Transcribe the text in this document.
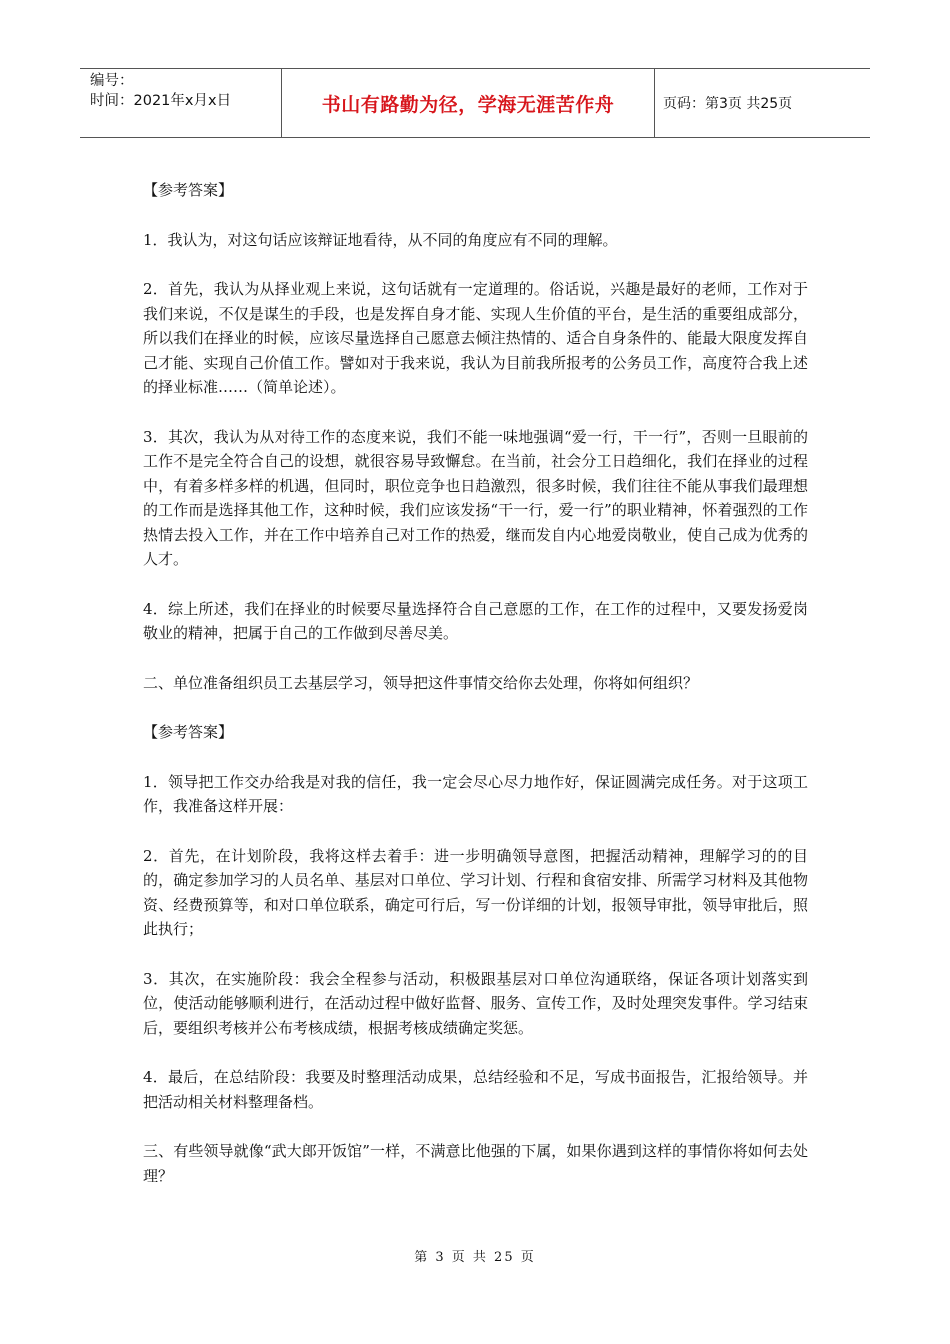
编号：
时间：2021年x月x日	书山有路勤为径，学海无涯苦作舟	页码：第3页 共25页

【参考答案】

1．我认为，对这句话应该辩证地看待，从不同的角度应有不同的理解。

2．首先，我认为从择业观上来说，这句话就有一定道理的。俗话说，兴趣是最好的老师，工作对于我们来说，不仅是谋生的手段，也是发挥自身才能、实现人生价值的平台，是生活的重要组成部分，所以我们在择业的时候，应该尽量选择自己愿意去倾注热情的、适合自身条件的、能最大限度发挥自己才能、实现自己价值工作。譬如对于我来说，我认为目前我所报考的公务员工作，高度符合我上述的择业标准……（简单论述）。

3．其次，我认为从对待工作的态度来说，我们不能一味地强调“爱一行，干一行”，否则一旦眼前的工作不是完全符合自己的设想，就很容易导致懈怠。在当前，社会分工日趋细化，我们在择业的过程中，有着多样多样的机遇，但同时，职位竞争也日趋激烈，很多时候，我们往往不能从事我们最理想的工作而是选择其他工作，这种时候，我们应该发扬“干一行，爱一行”的职业精神，怀着强烈的工作热情去投入工作，并在工作中培养自己对工作的热爱，继而发自内心地爱岗敬业，使自己成为优秀的人才。

4．综上所述，我们在择业的时候要尽量选择符合自己意愿的工作，在工作的过程中，又要发扬爱岗敬业的精神，把属于自己的工作做到尽善尽美。

二、单位准备组织员工去基层学习，领导把这件事情交给你去处理，你将如何组织？

【参考答案】

1．领导把工作交办给我是对我的信任，我一定会尽心尽力地作好，保证圆满完成任务。对于这项工作，我准备这样开展：

2．首先，在计划阶段，我将这样去着手：进一步明确领导意图，把握活动精神，理解学习的的目的，确定参加学习的人员名单、基层对口单位、学习计划、行程和食宿安排、所需学习材料及其他物资、经费预算等，和对口单位联系，确定可行后，写一份详细的计划，报领导审批，领导审批后，照此执行；

3．其次，在实施阶段：我会全程参与活动，积极跟基层对口单位沟通联络，保证各项计划落实到位，使活动能够顺利进行，在活动过程中做好监督、服务、宣传工作，及时处理突发事件。学习结束后，要组织考核并公布考核成绩，根据考核成绩确定奖惩。

4．最后，在总结阶段：我要及时整理活动成果，总结经验和不足，写成书面报告，汇报给领导。并把活动相关材料整理备档。

三、有些领导就像“武大郎开饭馆”一样，不满意比他强的下属，如果你遇到这样的事情你将如何去处理？

第 3 页 共 25 页
